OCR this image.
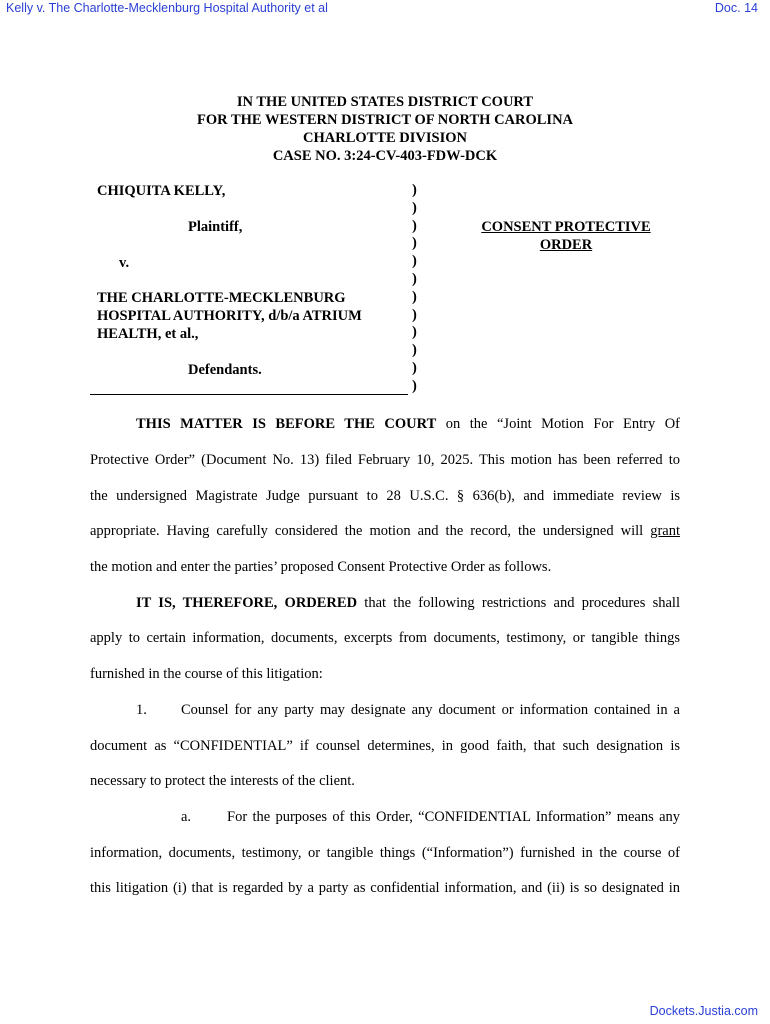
Kelly v. The Charlotte-Mecklenburg Hospital Authority et al	Doc. 14
Dockets.Justia.com
IN THE UNITED STATES DISTRICT COURT
FOR THE WESTERN DISTRICT OF NORTH CAROLINA
CHARLOTTE DIVISION
CASE NO. 3:24-CV-403-FDW-DCK
CHIQUITA KELLY,
Plaintiff,
v.
THE CHARLOTTE-MECKLENBURG
HOSPITAL AUTHORITY, d/b/a ATRIUM
HEALTH, et al.,
Defendants.
)
)
)
)
)
)
)
)
)
)
)
)
CONSENT PROTECTIVE
ORDER
THIS MATTER IS BEFORE THE COURT on the “Joint Motion For Entry Of
Protective Order” (Document No. 13) filed February 10, 2025. This motion has been referred to
the undersigned Magistrate Judge pursuant to 28 U.S.C. § 636(b), and immediate review is
appropriate. Having carefully considered the motion and the record, the undersigned will grant
the motion and enter the parties’ proposed Consent Protective Order as follows.
IT IS, THEREFORE, ORDERED that the following restrictions and procedures shall
apply to certain information, documents, excerpts from documents, testimony, or tangible things
furnished in the course of this litigation:
1.	Counsel for any party may designate any document or information contained in a
document as “CONFIDENTIAL” if counsel determines, in good faith, that such designation is
necessary to protect the interests of the client.
a.	For the purposes of this Order, “CONFIDENTIAL Information” means any
information, documents, testimony, or tangible things (“Information”) furnished in the course of
this litigation (i) that is regarded by a party as confidential information, and (ii) is so designated in
